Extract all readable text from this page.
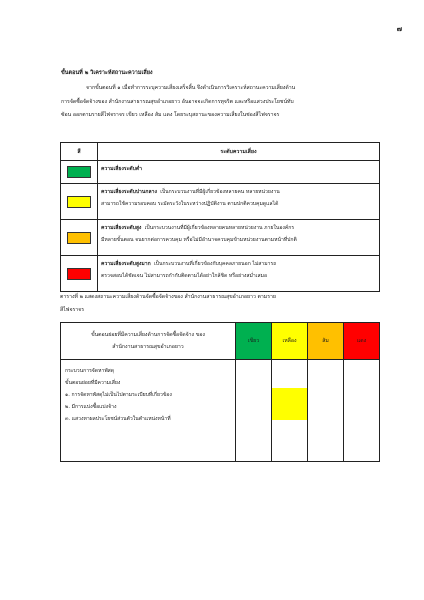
๗
ขั้นตอนที่ ๒ วิเคราะห์สถานะความเสี่ยง
จากขั้นตอนที่ ๑ เมื่อทำการระบุความเสี่ยงเสร็จสิ้น จึงดำเนินการวิเคราะห์สถานะความเสี่ยงด้าน
การจัดซื้อจัดจ้างของ สำนักงานสาธารณสุขอำเภอยาว อันอาจจะเกิดการทุจริต และหรือแสวงประโยชน์ทับ
ซ้อน ออกตามรายสีไฟจราจร เขียว เหลือง ส้ม แดง โดยระบุสถานะของความเสี่ยงในช่องสีไฟจราจร
สี	ระดับความเสี่ยง

	ความเสี่ยงระดับต่ำ

	ความเสี่ยงระดับปานกลาง เป็นกระบวนงานที่มีผู้เกี่ยวข้องหลายคน หลายหน่วยงาน
สามารถใช้ความรอบคอบ ระมัดระวังในระหว่างปฏิบัติงาน ตามปกติควบคุมดูแลได้

	ความเสี่ยงระดับสูง เป็นกระบวนงานที่มีผู้เกี่ยวข้องหลายคนหลายหน่วยงาน ภายในองค์กร
มีหลายขั้นตอน จนยากต่อการควบคุม หรือไม่มีอำนาจควบคุมข้ามหน่วยงานตามหน้าที่ปกติ

	ความเสี่ยงระดับสูงมาก เป็นกระบวนงานที่เกี่ยวข้องกับบุคคลภายนอก ไม่สามารถ
ตรวจสอบได้ชัดเจน ไม่สามารถกำกับติดตามได้อย่าใกล้ชิด หรือย่างสม่ำเสมอ
ตารางที่ ๒ แสดงสถานะความเสี่ยงด้านจัดซื้อจัดจ้างของ สำนักงานสาธารณสุขอำเภอยาว ตามราย
สีไฟจราจร
ขั้นตอนย่อยที่มีความเสี่ยงด้านการจัดซื้อจัดจ้าง ของ
สำนักงานสาธารณสุขอำเภอยาว	เขียว	เหลือง	ส้ม	แดง

กระบวนการจัดหาพัสดุ
ขั้นตอนย่อยที่มีความเสี่ยง
๑. การจัดหาพัสดุไม่เป็นไปตามระเบียบที่เกี่ยวข้อง
๒. มีการแบ่งซื้อแบ่งจ้าง
๓. แสวงหาผลประโยชน์ส่วนตัวในตำแหน่งหน้าที่				
